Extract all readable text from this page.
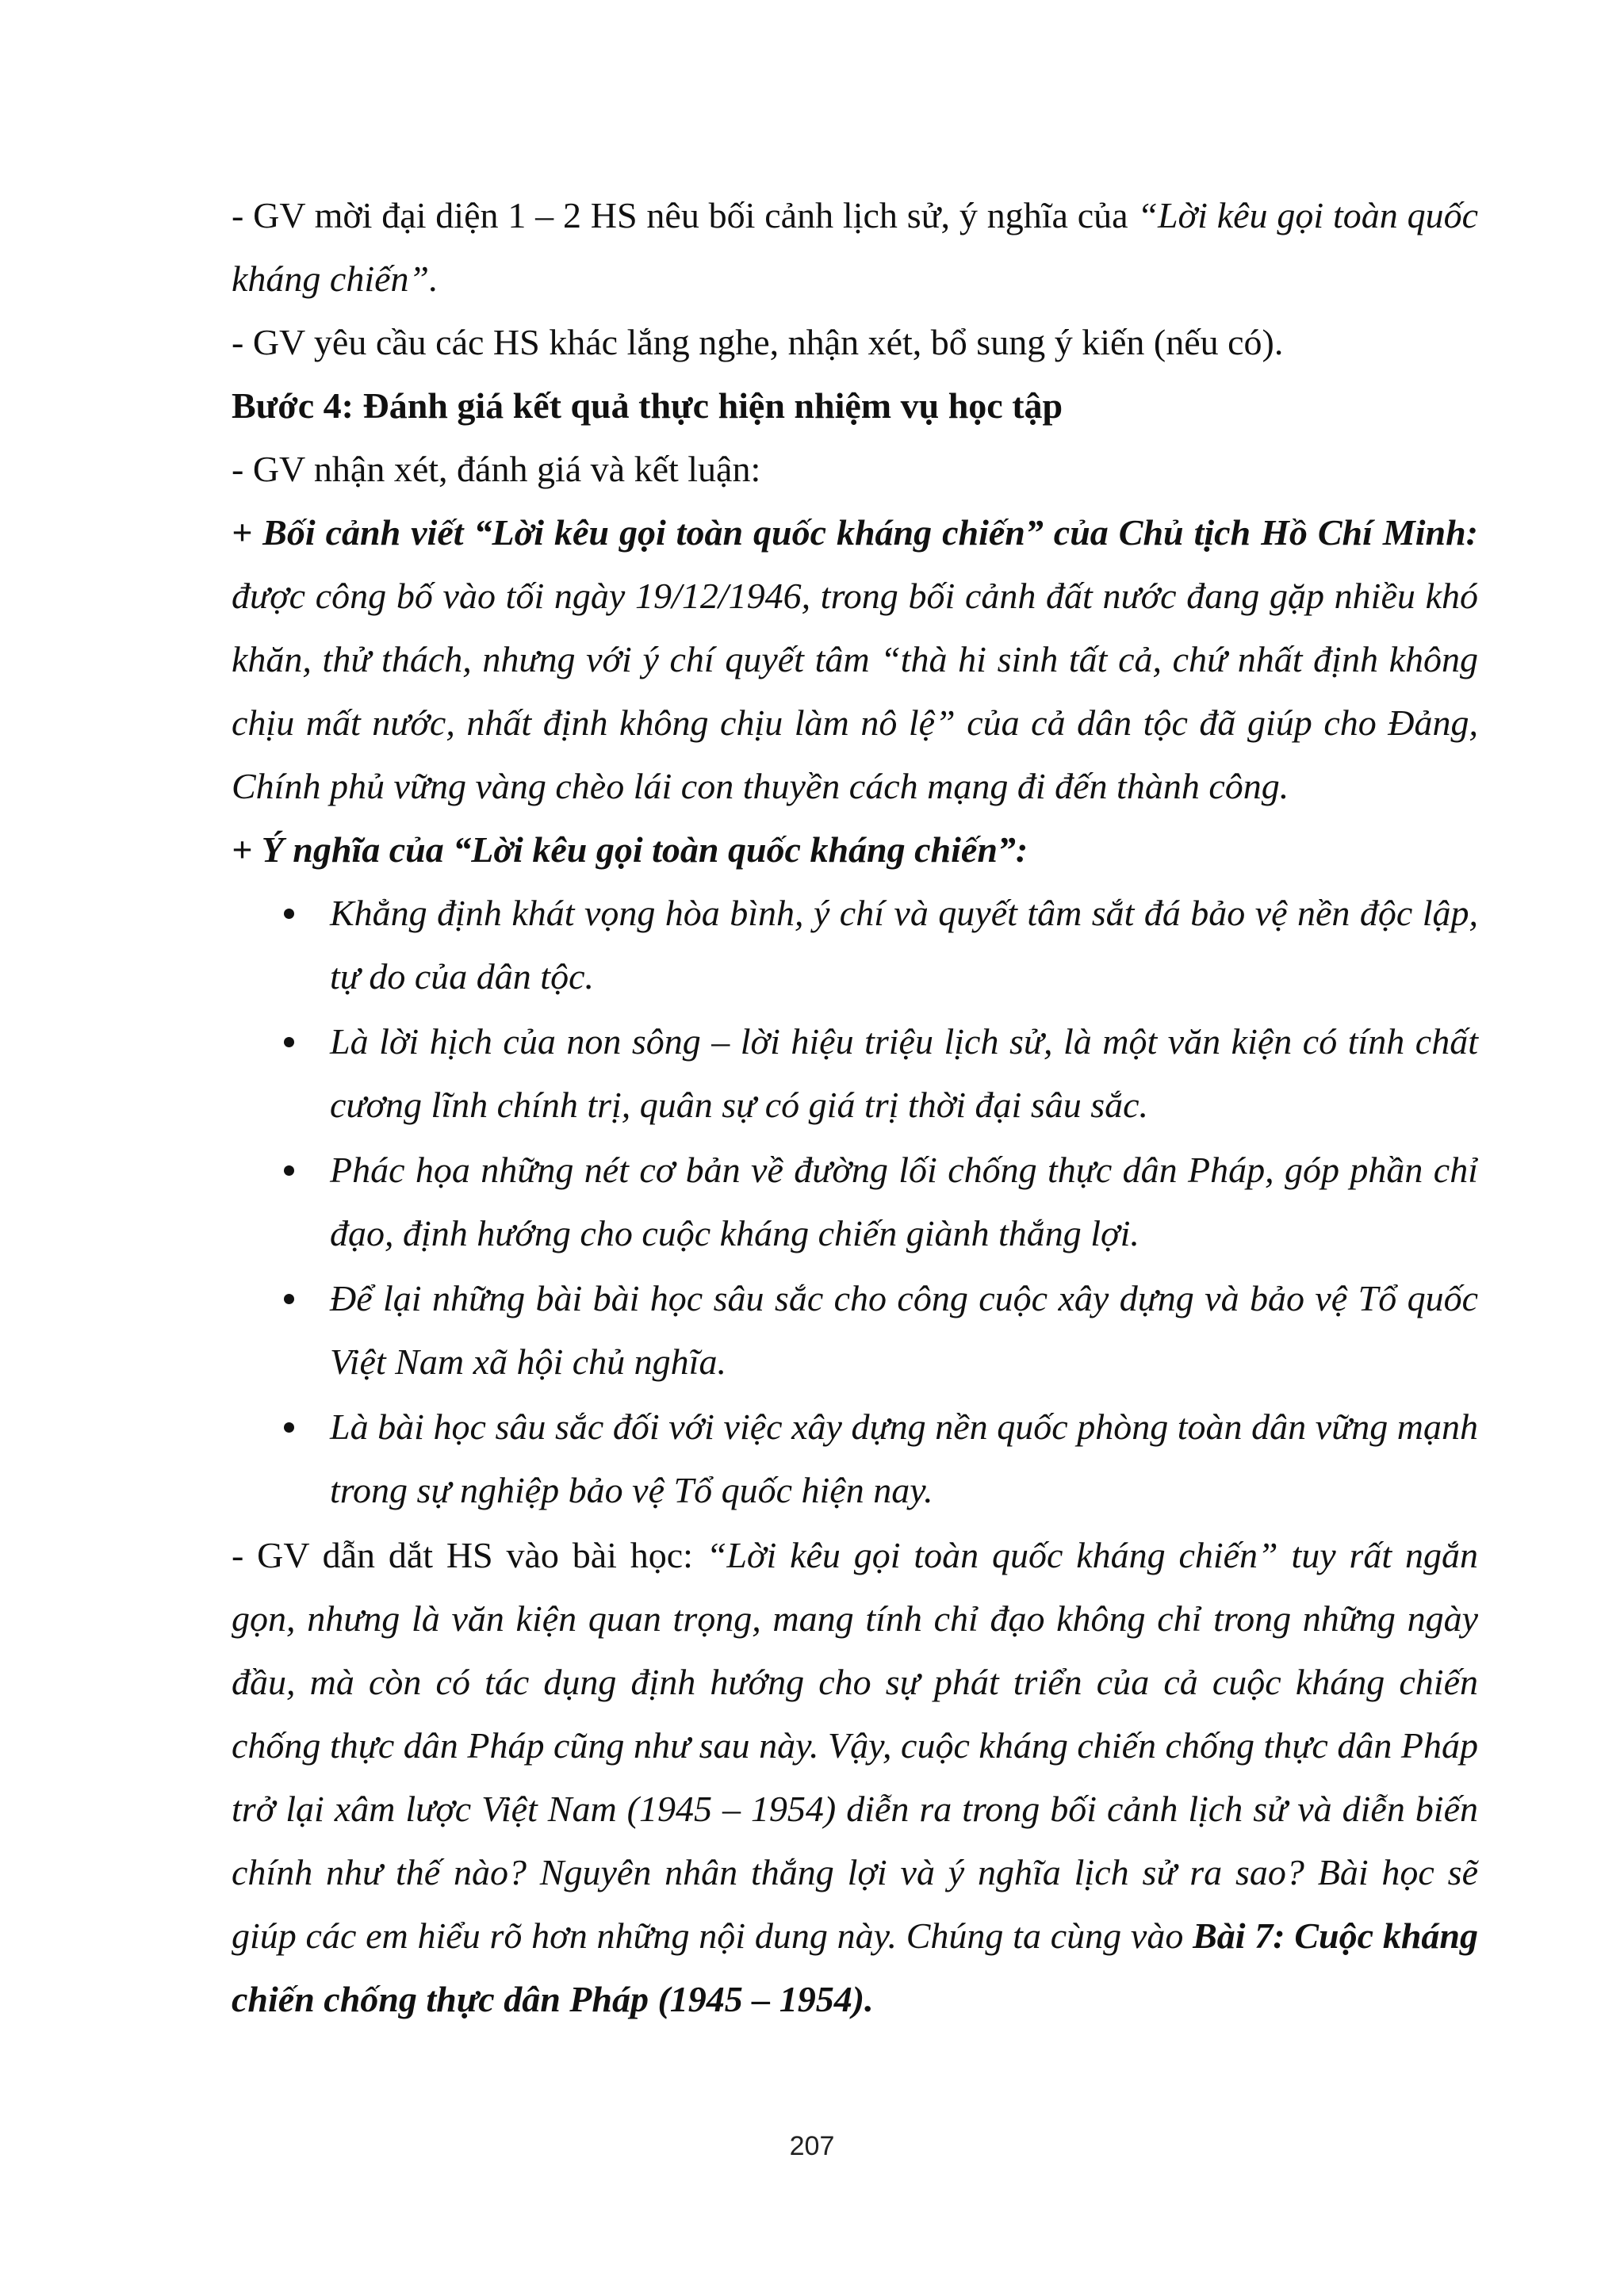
- GV mời đại diện 1 – 2 HS nêu bối cảnh lịch sử, ý nghĩa của “Lời kêu gọi toàn quốc kháng chiến”.

- GV yêu cầu các HS khác lắng nghe, nhận xét, bổ sung ý kiến (nếu có).

Bước 4: Đánh giá kết quả thực hiện nhiệm vụ học tập

- GV nhận xét, đánh giá và kết luận:

+ Bối cảnh viết “Lời kêu gọi toàn quốc kháng chiến” của Chủ tịch Hồ Chí Minh: được công bố vào tối ngày 19/12/1946, trong bối cảnh đất nước đang gặp nhiều khó khăn, thử thách, nhưng với ý chí quyết tâm “thà hi sinh tất cả, chứ nhất định không chịu mất nước, nhất định không chịu làm nô lệ” của cả dân tộc đã giúp cho Đảng, Chính phủ vững vàng chèo lái con thuyền cách mạng đi đến thành công.

+ Ý nghĩa của “Lời kêu gọi toàn quốc kháng chiến”:

Khẳng định khát vọng hòa bình, ý chí và quyết tâm sắt đá bảo vệ nền độc lập, tự do của dân tộc.
Là lời hịch của non sông – lời hiệu triệu lịch sử, là một văn kiện có tính chất cương lĩnh chính trị, quân sự có giá trị thời đại sâu sắc.
Phác họa những nét cơ bản về đường lối chống thực dân Pháp, góp phần chỉ đạo, định hướng cho cuộc kháng chiến giành thắng lợi.
Để lại những bài bài học sâu sắc cho công cuộc xây dựng và bảo vệ Tổ quốc Việt Nam xã hội chủ nghĩa.
Là bài học sâu sắc đối với việc xây dựng nền quốc phòng toàn dân vững mạnh trong sự nghiệp bảo vệ Tổ quốc hiện nay.

- GV dẫn dắt HS vào bài học: “Lời kêu gọi toàn quốc kháng chiến” tuy rất ngắn gọn, nhưng là văn kiện quan trọng, mang tính chỉ đạo không chỉ trong những ngày đầu, mà còn có tác dụng định hướng cho sự phát triển của cả cuộc kháng chiến chống thực dân Pháp cũng như sau này. Vậy, cuộc kháng chiến chống thực dân Pháp trở lại xâm lược Việt Nam (1945 – 1954) diễn ra trong bối cảnh lịch sử và diễn biến chính như thế nào? Nguyên nhân thắng lợi và ý nghĩa lịch sử ra sao? Bài học sẽ giúp các em hiểu rõ hơn những nội dung này. Chúng ta cùng vào Bài 7: Cuộc kháng chiến chống thực dân Pháp (1945 – 1954).

207
